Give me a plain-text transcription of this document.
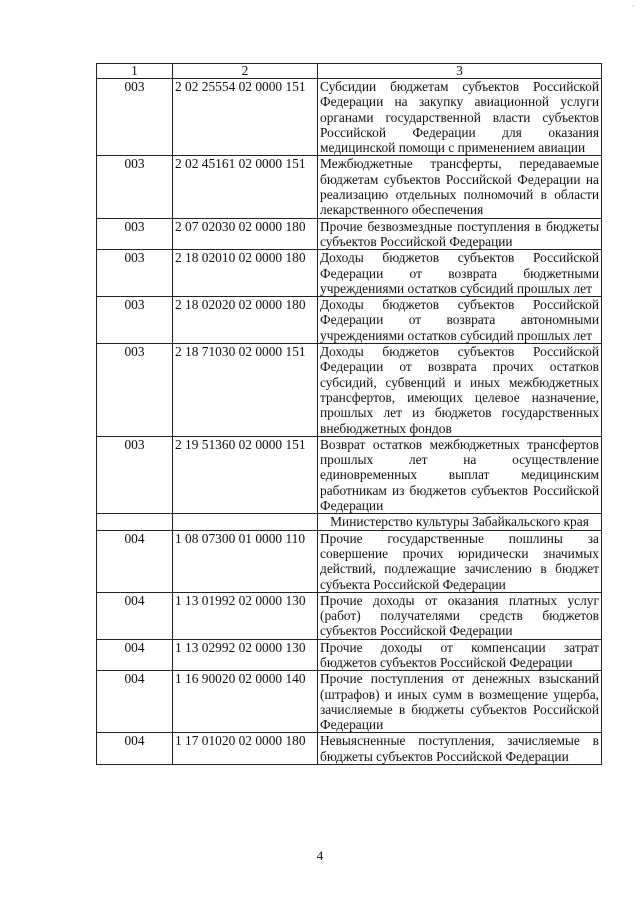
·
1	2	3
003	2 02 25554 02 0000 151	Субсидии бюджетам субъектов Российской Федерации на закупку авиационной услуги органами государственной власти субъектов Российской Федерации для оказания медицинской помощи с применением авиации
003	2 02 45161 02 0000 151	Межбюджетные трансферты, передаваемые бюджетам субъектов Российской Федерации на реализацию отдельных полномочий в области лекарственного обеспечения
003	2 07 02030 02 0000 180	Прочие безвозмездные поступления в бюджеты субъектов Российской Федерации
003	2 18 02010 02 0000 180	Доходы бюджетов субъектов Российской Федерации от возврата бюджетными учреждениями остатков субсидий прошлых лет
003	2 18 02020 02 0000 180	Доходы бюджетов субъектов Российской Федерации от возврата автономными учреждениями остатков субсидий прошлых лет
003	2 18 71030 02 0000 151	Доходы бюджетов субъектов Российской Федерации от возврата прочих остатков субсидий, субвенций и иных межбюджетных трансфертов, имеющих целевое назначение, прошлых лет из бюджетов государственных внебюджетных фондов
003	2 19 51360 02 0000 151	Возврат остатков межбюджетных трансфертов прошлых лет на осуществление единовременных выплат медицинским работникам из бюджетов субъектов Российской Федерации
		Министерство культуры Забайкальского края
004	1 08 07300 01 0000 110	Прочие государственные пошлины за совершение прочих юридически значимых действий, подлежащие зачислению в бюджет субъекта Российской Федерации
004	1 13 01992 02 0000 130	Прочие доходы от оказания платных услуг (работ) получателями средств бюджетов субъектов Российской Федерации
004	1 13 02992 02 0000 130	Прочие доходы от компенсации затрат бюджетов субъектов Российской Федерации
004	1 16 90020 02 0000 140	Прочие поступления от денежных взысканий (штрафов) и иных сумм в возмещение ущерба, зачисляемые в бюджеты субъектов Российской Федерации
004	1 17 01020 02 0000 180	Невыясненные поступления, зачисляемые в бюджеты субъектов Российской Федерации
4
